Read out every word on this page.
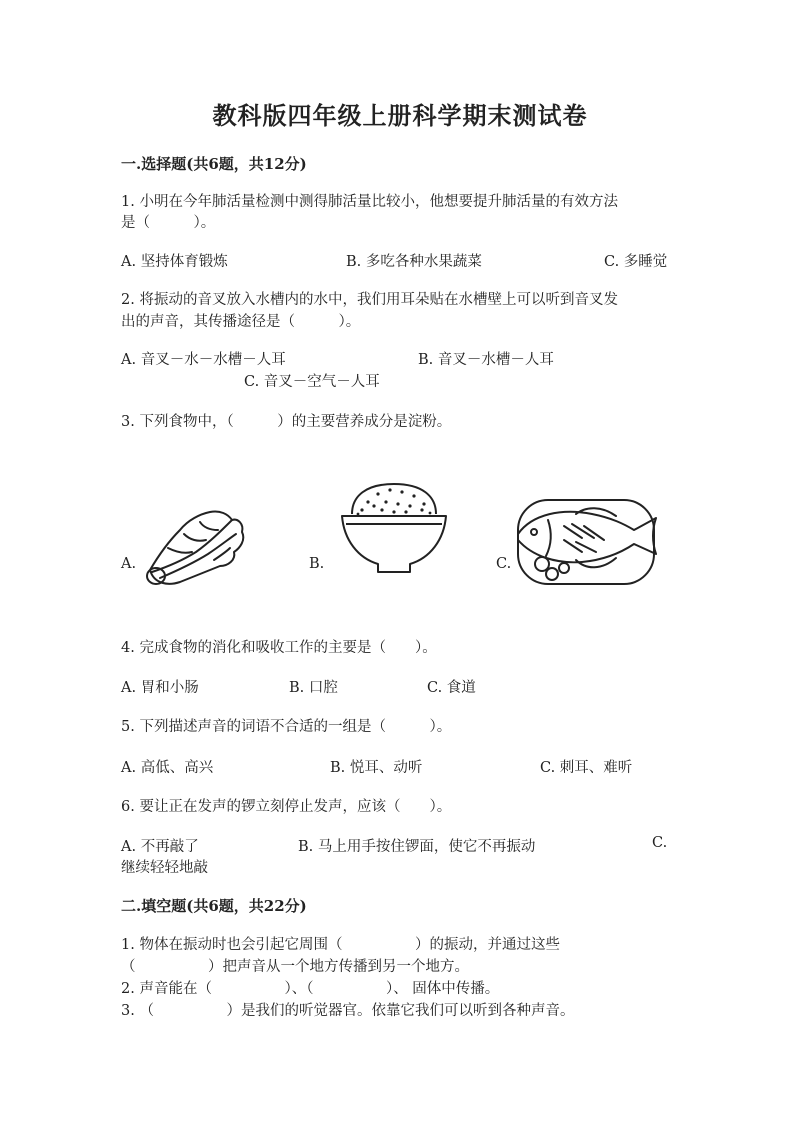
教科版四年级上册科学期末测试卷
一.选择题(共6题，共12分)
1. 小明在今年肺活量检测中测得肺活量比较小，他想要提升肺活量的有效方法
是（　　　）。
A. 坚持体育锻炼	B. 多吃各种水果蔬菜	C. 多睡觉
2. 将振动的音叉放入水槽内的水中，我们用耳朵贴在水槽壁上可以听到音叉发
出的声音，其传播途径是（　　　）。
A. 音叉－水－水槽－人耳	B. 音叉－水槽－人耳
C. 音叉－空气－人耳
3. 下列食物中，（　　　）的主要营养成分是淀粉。
A.	B.	C.
4. 完成食物的消化和吸收工作的主要是（　　）。
A. 胃和小肠	B. 口腔	C. 食道
5. 下列描述声音的词语不合适的一组是（　　　）。
A. 高低、高兴	B. 悦耳、动听	C. 刺耳、难听
6. 要让正在发声的锣立刻停止发声，应该（　　）。
A. 不再敲了	B. 马上用手按住锣面，使它不再振动	C.
继续轻轻地敲
二.填空题(共6题，共22分)
1. 物体在振动时也会引起它周围（　　　　　）的振动，并通过这些
（　　　　　）把声音从一个地方传播到另一个地方。
2. 声音能在（　　　　　）、（　　　　　）、 固体中传播。
3. （　　　　　）是我们的听觉器官。依靠它我们可以听到各种声音。
